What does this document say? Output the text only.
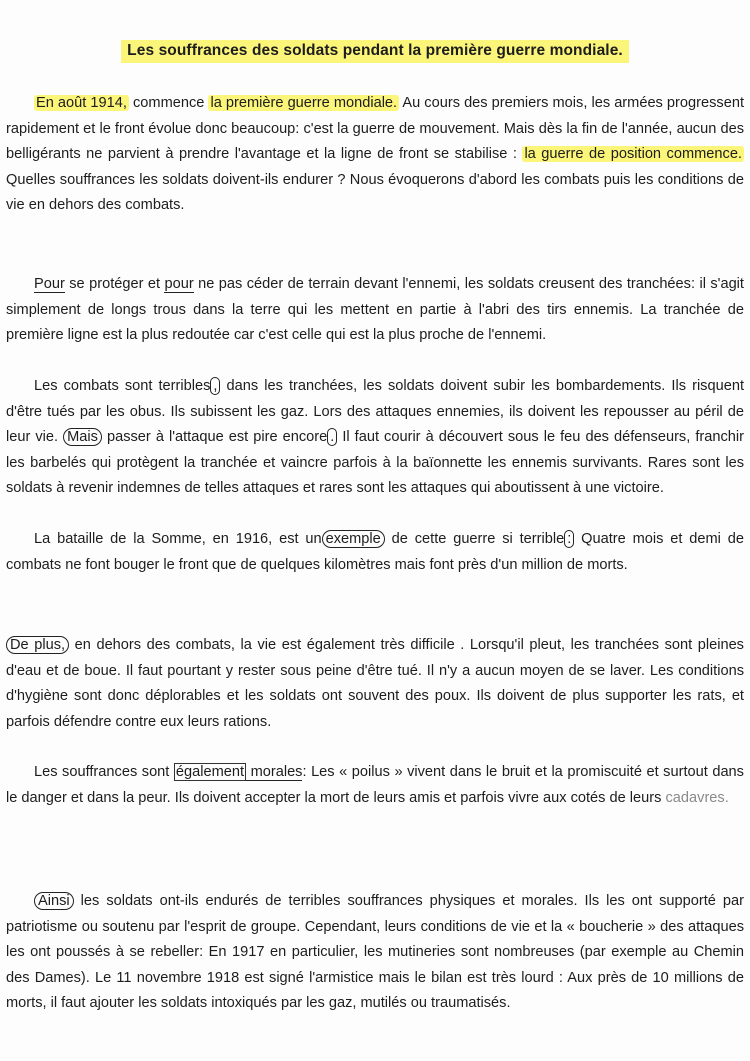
Les souffrances des soldats pendant la première guerre mondiale.

En août 1914, commence la première guerre mondiale. Au cours des premiers mois, les armées progressent rapidement et le front évolue donc beaucoup: c'est la guerre de mouvement. Mais dès la fin de l'année, aucun des belligérants ne parvient à prendre l'avantage et la ligne de front se stabilise : la guerre de position commence. Quelles souffrances les soldats doivent-ils endurer ? Nous évoquerons d'abord les combats puis les conditions de vie en dehors des combats.

Pour se protéger et pour ne pas céder de terrain devant l'ennemi, les soldats creusent des tranchées: il s'agit simplement de longs trous dans la terre qui les mettent en partie à l'abri des tirs ennemis. La tranchée de première ligne est la plus redoutée car c'est celle qui est la plus proche de l'ennemi.

Les combats sont terribles , dans les tranchées, les soldats doivent subir les bombardements. Ils risquent d'être tués par les obus. Ils subissent les gaz. Lors des attaques ennemies, ils doivent les repousser au péril de leur vie. Mais passer à l'attaque est pire encore . Il faut courir à découvert sous le feu des défenseurs, franchir les barbelés qui protègent la tranchée et vaincre parfois à la baïonnette les ennemis survivants. Rares sont les soldats à revenir indemnes de telles attaques et rares sont les attaques qui aboutissent à une victoire.

La bataille de la Somme, en 1916, est un exemple de cette guerre si terrible : Quatre mois et demi de combats ne font bouger le front que de quelques kilomètres mais font près d'un million de morts.

De plus, en dehors des combats, la vie est également très difficile . Lorsqu'il pleut, les tranchées sont pleines d'eau et de boue. Il faut pourtant y rester sous peine d'être tué. Il n'y a aucun moyen de se laver. Les conditions d'hygiène sont donc déplorables et les soldats ont souvent des poux. Ils doivent de plus supporter les rats, et parfois défendre contre eux leurs rations.

Les souffrances sont également morales: Les « poilus » vivent dans le bruit et la promiscuité et surtout dans le danger et dans la peur. Ils doivent accepter la mort de leurs amis et parfois vivre aux cotés de leurs cadavres.

Ainsi les soldats ont-ils endurés de terribles souffrances physiques et morales. Ils les ont supporté par patriotisme ou soutenu par l'esprit de groupe. Cependant, leurs conditions de vie et la « boucherie » des attaques les ont poussés à se rebeller: En 1917 en particulier, les mutineries sont nombreuses (par exemple au Chemin des Dames). Le 11 novembre 1918 est signé l'armistice mais le bilan est très lourd : Aux près de 10 millions de morts, il faut ajouter les soldats intoxiqués par les gaz, mutilés ou traumatisés.
